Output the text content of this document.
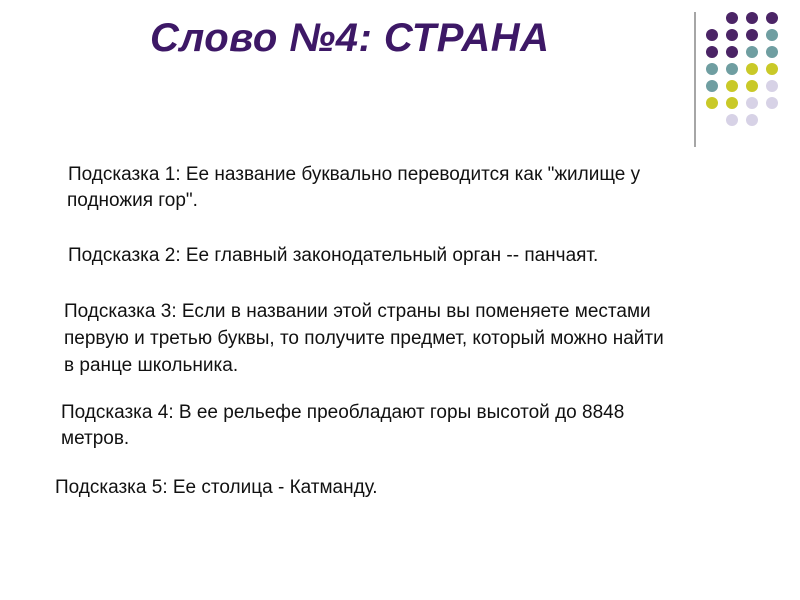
Слово №4: СТРАНА
Подсказка 1: Ее название буквально переводится как "жилище у
подножия гор".
Подсказка 2: Ее главный законодательный орган -- панчаят.
Подсказка 3: Если в названии этой страны вы поменяете местами
первую и третью буквы, то получите предмет, который можно найти
в ранце школьника.
Подсказка 4: В ее рельефе преобладают горы высотой до 8848
метров.
Подсказка 5: Ее столица - Катманду.
